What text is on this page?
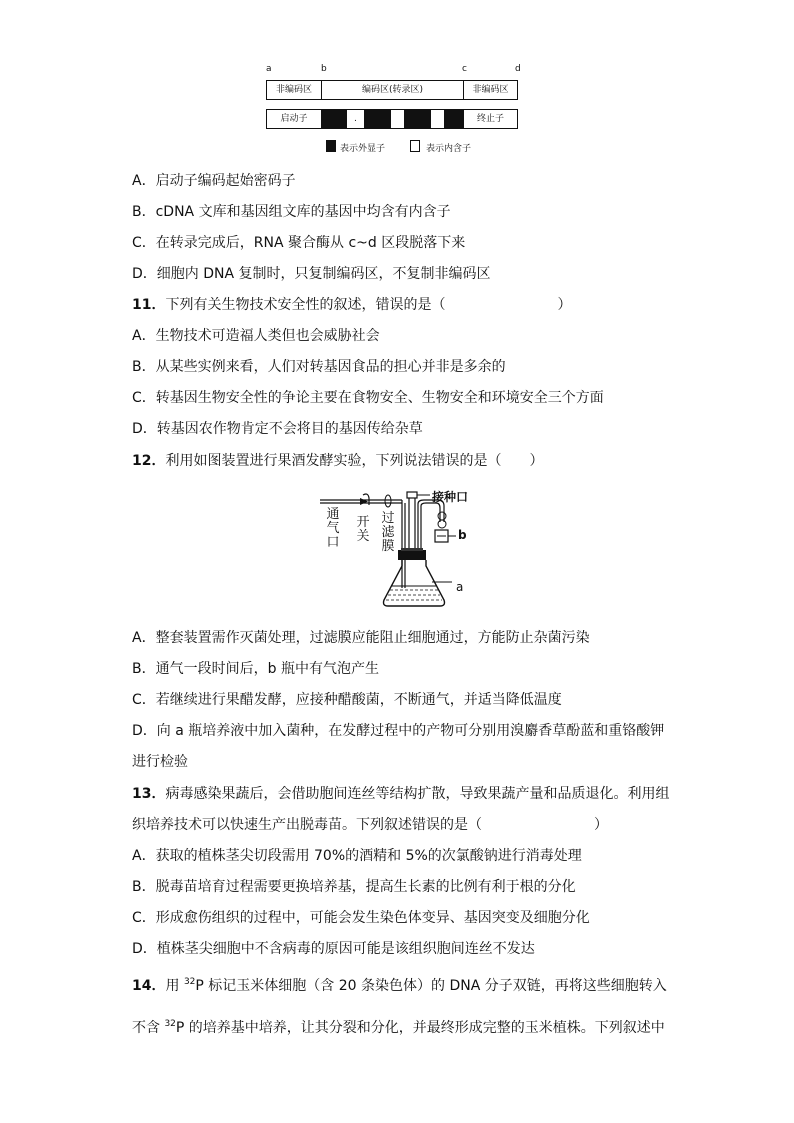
a	b	c	d
非编码区	编码区(转录区)	非编码区
启动子	.	终止子
表示外显子	表示内含子
A．启动子编码起始密码子
B．cDNA 文库和基因组文库的基因中均含有内含子
C．在转录完成后，RNA 聚合酶从 c~d 区段脱落下来
D．细胞内 DNA 复制时，只复制编码区，不复制非编码区
11．下列有关生物技术安全性的叙述，错误的是（　　　　　　　　）
A．生物技术可造福人类但也会威胁社会
B．从某些实例来看，人们对转基因食品的担心并非是多余的
C．转基因生物安全性的争论主要在食物安全、生物安全和环境安全三个方面
D．转基因农作物肯定不会将目的基因传给杂草
12．利用如图装置进行果酒发酵实验，下列说法错误的是（　　）
通
气
口
开
关
过
滤
膜
接种口
a
b
A．整套装置需作灭菌处理，过滤膜应能阻止细胞通过，方能防止杂菌污染
B．通气一段时间后，b 瓶中有气泡产生
C．若继续进行果醋发酵，应接种醋酸菌，不断通气，并适当降低温度
D．向 a 瓶培养液中加入菌种，在发酵过程中的产物可分别用溴麝香草酚蓝和重铬酸钾
进行检验
13．病毒感染果蔬后，会借助胞间连丝等结构扩散，导致果蔬产量和品质退化。利用组
织培养技术可以快速生产出脱毒苗。下列叙述错误的是（　　　　　　　　）
A．获取的植株茎尖切段需用 70%的酒精和 5%的次氯酸钠进行消毒处理
B．脱毒苗培育过程需要更换培养基，提高生长素的比例有利于根的分化
C．形成愈伤组织的过程中，可能会发生染色体变异、基因突变及细胞分化
D．植株茎尖细胞中不含病毒的原因可能是该组织胞间连丝不发达
14．用 $^{32}$P 标记玉米体细胞（含 20 条染色体）的 DNA 分子双链，再将这些细胞转入
不含 $^{32}$P 的培养基中培养，让其分裂和分化，并最终形成完整的玉米植株。下列叙述中
